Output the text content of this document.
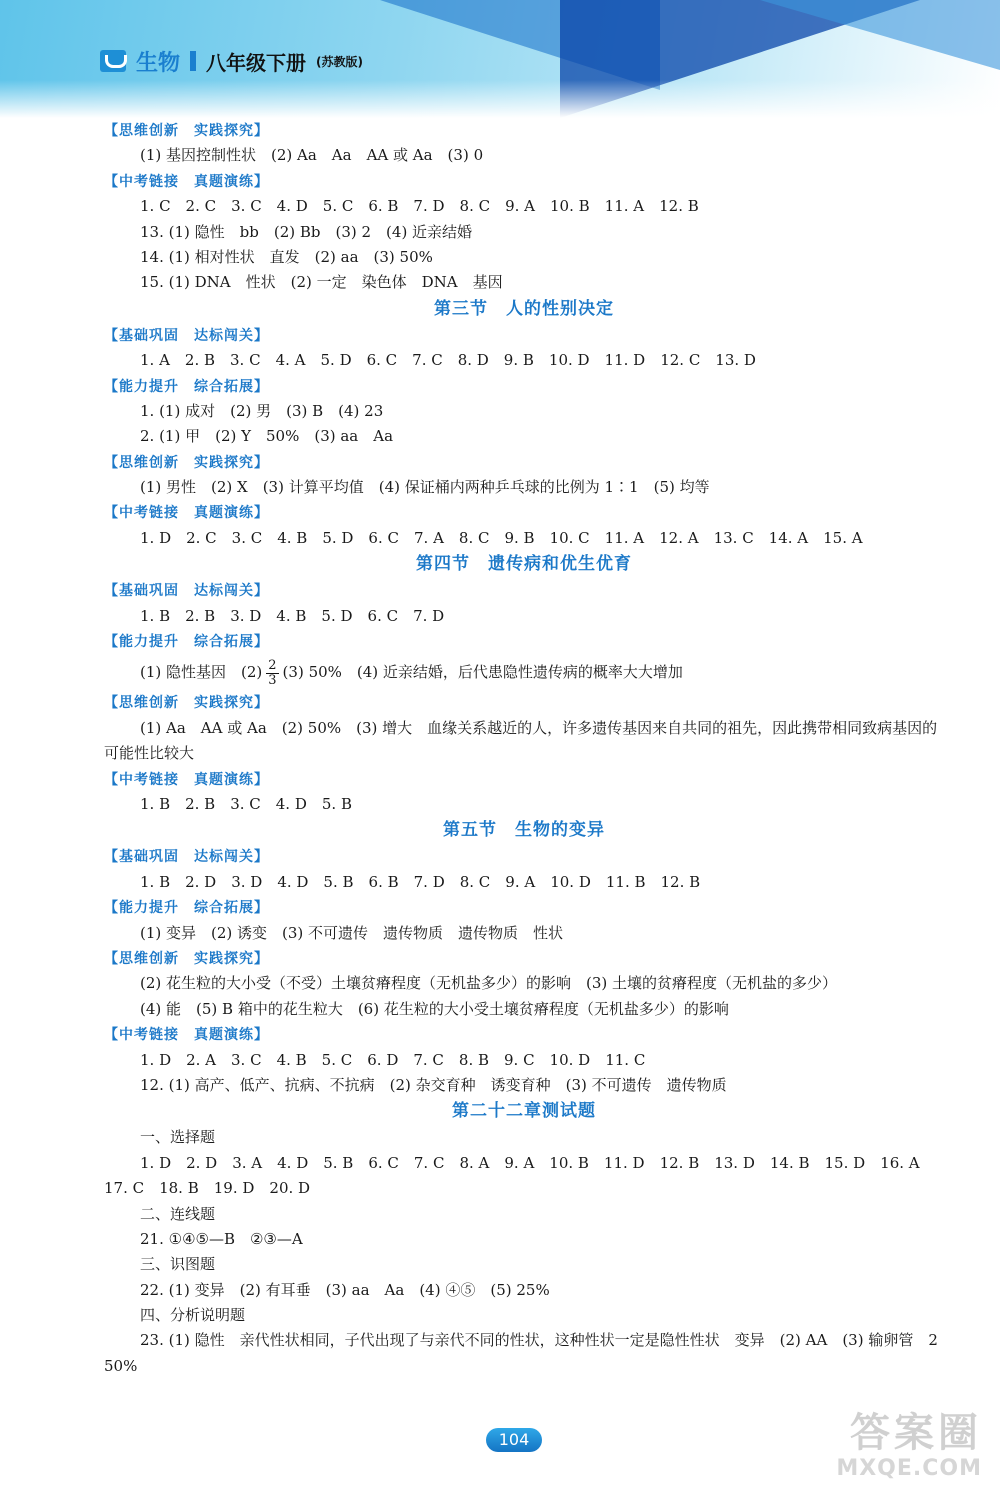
生物 八年级下册 (苏教版)
【思维创新　实践探究】
(1) 基因控制性状　(2) Aa　Aa　AA 或 Aa　(3) 0
【中考链接　真题演练】
1. C　2. C　3. C　4. D　5. C　6. B　7. D　8. C　9. A　10. B　11. A　12. B
13. (1) 隐性　bb　(2) Bb　(3) 2　(4) 近亲结婚
14. (1) 相对性状　直发　(2) aa　(3) 50%
15. (1) DNA　性状　(2) 一定　染色体　DNA　基因
第三节　人的性别决定
【基础巩固　达标闯关】
1. A　2. B　3. C　4. A　5. D　6. C　7. C　8. D　9. B　10. D　11. D　12. C　13. D
【能力提升　综合拓展】
1. (1) 成对　(2) 男　(3) B　(4) 23
2. (1) 甲　(2) Y　50%　(3) aa　Aa
【思维创新　实践探究】
(1) 男性　(2) X　(3) 计算平均值　(4) 保证桶内两种乒乓球的比例为 1∶1　(5) 均等
【中考链接　真题演练】
1. D　2. C　3. C　4. B　5. D　6. C　7. A　8. C　9. B　10. C　11. A　12. A　13. C　14. A　15. A
第四节　遗传病和优生优育
【基础巩固　达标闯关】
1. B　2. B　3. D　4. B　5. D　6. C　7. D
【能力提升　综合拓展】
(1) 隐性基因　$(2) \frac{2}{3} (3)$ 50%　(4) 近亲结婚，后代患隐性遗传病的概率大大增加
【思维创新　实践探究】
(1) Aa　AA 或 Aa　(2) 50%　(3) 增大　血缘关系越近的人，许多遗传基因来自共同的祖先，因此携带相同致病基因的可能性比较大
【中考链接　真题演练】
1. B　2. B　3. C　4. D　5. B
第五节　生物的变异
【基础巩固　达标闯关】
1. B　2. D　3. D　4. D　5. B　6. B　7. D　8. C　9. A　10. D　11. B　12. B
【能力提升　综合拓展】
(1) 变异　(2) 诱变　(3) 不可遗传　遗传物质　遗传物质　性状
【思维创新　实践探究】
(2) 花生粒的大小受（不受）土壤贫瘠程度（无机盐多少）的影响　(3) 土壤的贫瘠程度（无机盐的多少）
(4) 能　(5) B 箱中的花生粒大　(6) 花生粒的大小受土壤贫瘠程度（无机盐多少）的影响
【中考链接　真题演练】
1. D　2. A　3. C　4. B　5. C　6. D　7. C　8. B　9. C　10. D　11. C
12. (1) 高产、低产、抗病、不抗病　(2) 杂交育种　诱变育种　(3) 不可遗传　遗传物质
第二十二章测试题
一、选择题
1. D　2. D　3. A　4. D　5. B　6. C　7. C　8. A　9. A　10. B　11. D　12. B　13. D　14. B　15. D　16. A　17. C　18. B　19. D　20. D
二、连线题
21. ①④⑤—B　②③—A
三、识图题
22. (1) 变异　(2) 有耳垂　(3) aa　Aa　(4) ④⑤　(5) 25%
四、分析说明题
23. (1) 隐性　亲代性状相同，子代出现了与亲代不同的性状，这种性状一定是隐性性状　变异　(2) AA　(3) 输卵管　2　50%
104	答案圈
MXQE.COM
